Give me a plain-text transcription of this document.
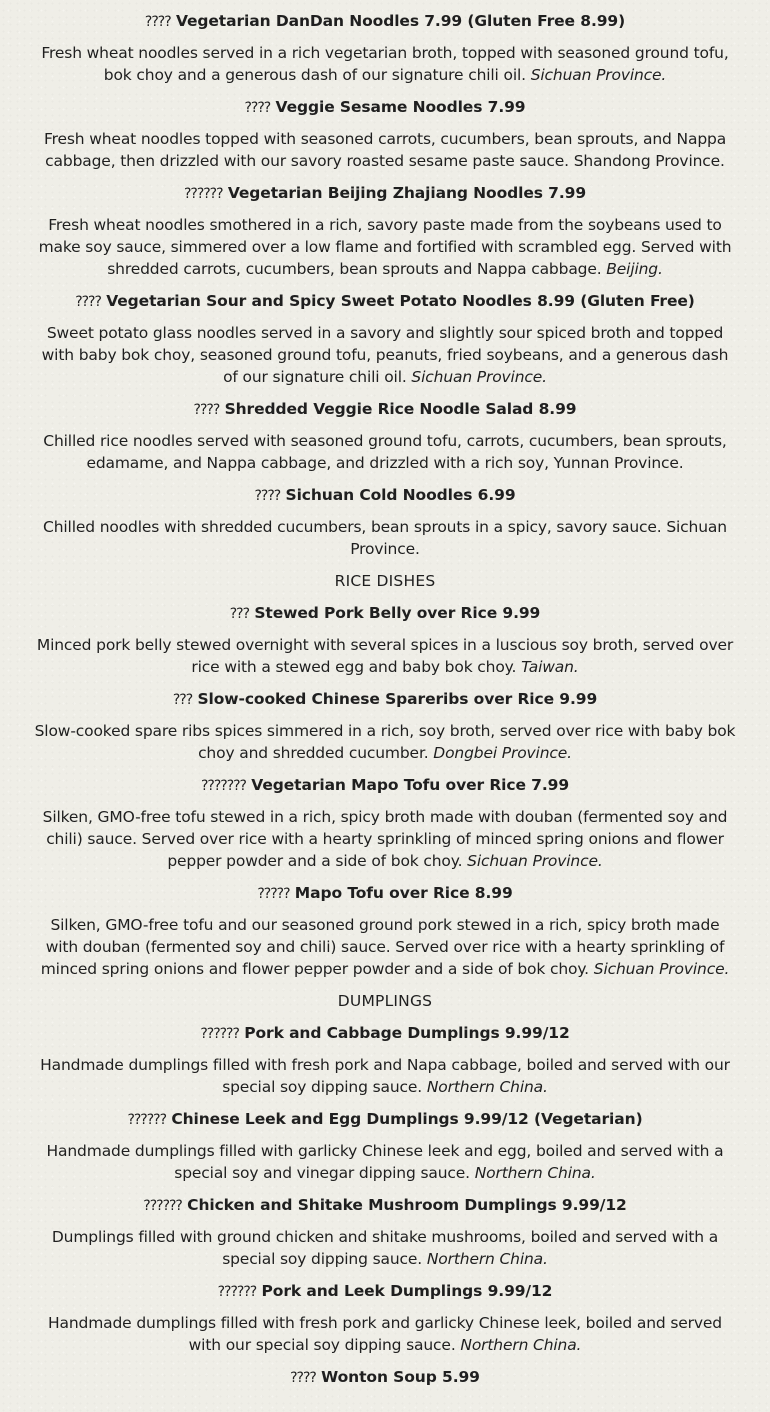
???? Vegetarian DanDan Noodles 7.99 (Gluten Free 8.99)
Fresh wheat noodles served in a rich vegetarian broth, topped with seasoned ground tofu,
bok choy and a generous dash of our signature chili oil. Sichuan Province.
???? Veggie Sesame Noodles 7.99
Fresh wheat noodles topped with seasoned carrots, cucumbers, bean sprouts, and Nappa
cabbage, then drizzled with our savory roasted sesame paste sauce. Shandong Province.
?????? Vegetarian Beijing Zhajiang Noodles 7.99
Fresh wheat noodles smothered in a rich, savory paste made from the soybeans used to
make soy sauce, simmered over a low flame and fortified with scrambled egg. Served with
shredded carrots, cucumbers, bean sprouts and Nappa cabbage. Beijing.
???? Vegetarian Sour and Spicy Sweet Potato Noodles 8.99 (Gluten Free)
Sweet potato glass noodles served in a savory and slightly sour spiced broth and topped
with baby bok choy, seasoned ground tofu, peanuts, fried soybeans, and a generous dash
of our signature chili oil. Sichuan Province.
???? Shredded Veggie Rice Noodle Salad 8.99
Chilled rice noodles served with seasoned ground tofu, carrots, cucumbers, bean sprouts,
edamame, and Nappa cabbage, and drizzled with a rich soy, Yunnan Province.
???? Sichuan Cold Noodles 6.99
Chilled noodles with shredded cucumbers, bean sprouts in a spicy, savory sauce. Sichuan
Province.
RICE DISHES
??? Stewed Pork Belly over Rice 9.99
Minced pork belly stewed overnight with several spices in a luscious soy broth, served over
rice with a stewed egg and baby bok choy. Taiwan.
??? Slow-cooked Chinese Spareribs over Rice 9.99
Slow-cooked spare ribs spices simmered in a rich, soy broth, served over rice with baby bok
choy and shredded cucumber. Dongbei Province.
??????? Vegetarian Mapo Tofu over Rice 7.99
Silken, GMO-free tofu stewed in a rich, spicy broth made with douban (fermented soy and
chili) sauce. Served over rice with a hearty sprinkling of minced spring onions and flower
pepper powder and a side of bok choy. Sichuan Province.
????? Mapo Tofu over Rice 8.99
Silken, GMO-free tofu and our seasoned ground pork stewed in a rich, spicy broth made
with douban (fermented soy and chili) sauce. Served over rice with a hearty sprinkling of
minced spring onions and flower pepper powder and a side of bok choy. Sichuan Province.
DUMPLINGS
?????? Pork and Cabbage Dumplings 9.99/12
Handmade dumplings filled with fresh pork and Napa cabbage, boiled and served with our
special soy dipping sauce. Northern China.
?????? Chinese Leek and Egg Dumplings 9.99/12 (Vegetarian)
Handmade dumplings filled with garlicky Chinese leek and egg, boiled and served with a
special soy and vinegar dipping sauce. Northern China.
?????? Chicken and Shitake Mushroom Dumplings 9.99/12
Dumplings filled with ground chicken and shitake mushrooms, boiled and served with a
special soy dipping sauce. Northern China.
?????? Pork and Leek Dumplings 9.99/12
Handmade dumplings filled with fresh pork and garlicky Chinese leek, boiled and served
with our special soy dipping sauce. Northern China.
???? Wonton Soup 5.99
